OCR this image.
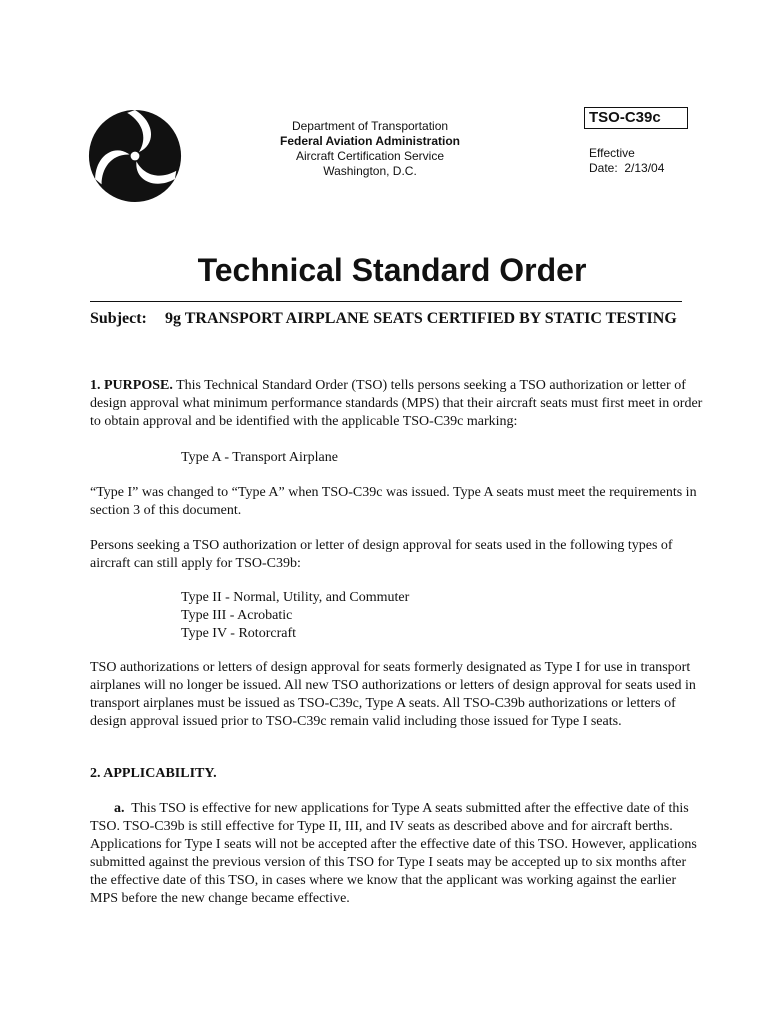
Department of Transportation
Federal Aviation Administration
Aircraft Certification Service
Washington, D.C.
TSO-C39c
Effective
Date: 2/13/04
Technical Standard Order
Subject: 9g TRANSPORT AIRPLANE SEATS CERTIFIED BY STATIC TESTING
1. PURPOSE. This Technical Standard Order (TSO) tells persons seeking a TSO authorization or letter of design approval what minimum performance standards (MPS) that their aircraft seats must first meet in order to obtain approval and be identified with the applicable TSO-C39c marking:
Type A - Transport Airplane
“Type I” was changed to “Type A” when TSO-C39c was issued. Type A seats must meet the requirements in section 3 of this document.
Persons seeking a TSO authorization or letter of design approval for seats used in the following types of aircraft can still apply for TSO-C39b:
Type II - Normal, Utility, and Commuter
Type III - Acrobatic
Type IV - Rotorcraft
TSO authorizations or letters of design approval for seats formerly designated as Type I for use in transport airplanes will no longer be issued. All new TSO authorizations or letters of design approval for seats used in transport airplanes must be issued as TSO-C39c, Type A seats. All TSO-C39b authorizations or letters of design approval issued prior to TSO-C39c remain valid including those issued for Type I seats.
2. APPLICABILITY.
a. This TSO is effective for new applications for Type A seats submitted after the effective date of this TSO. TSO-C39b is still effective for Type II, III, and IV seats as described above and for aircraft berths. Applications for Type I seats will not be accepted after the effective date of this TSO. However, applications submitted against the previous version of this TSO for Type I seats may be accepted up to six months after the effective date of this TSO, in cases where we know that the applicant was working against the earlier MPS before the new change became effective.
